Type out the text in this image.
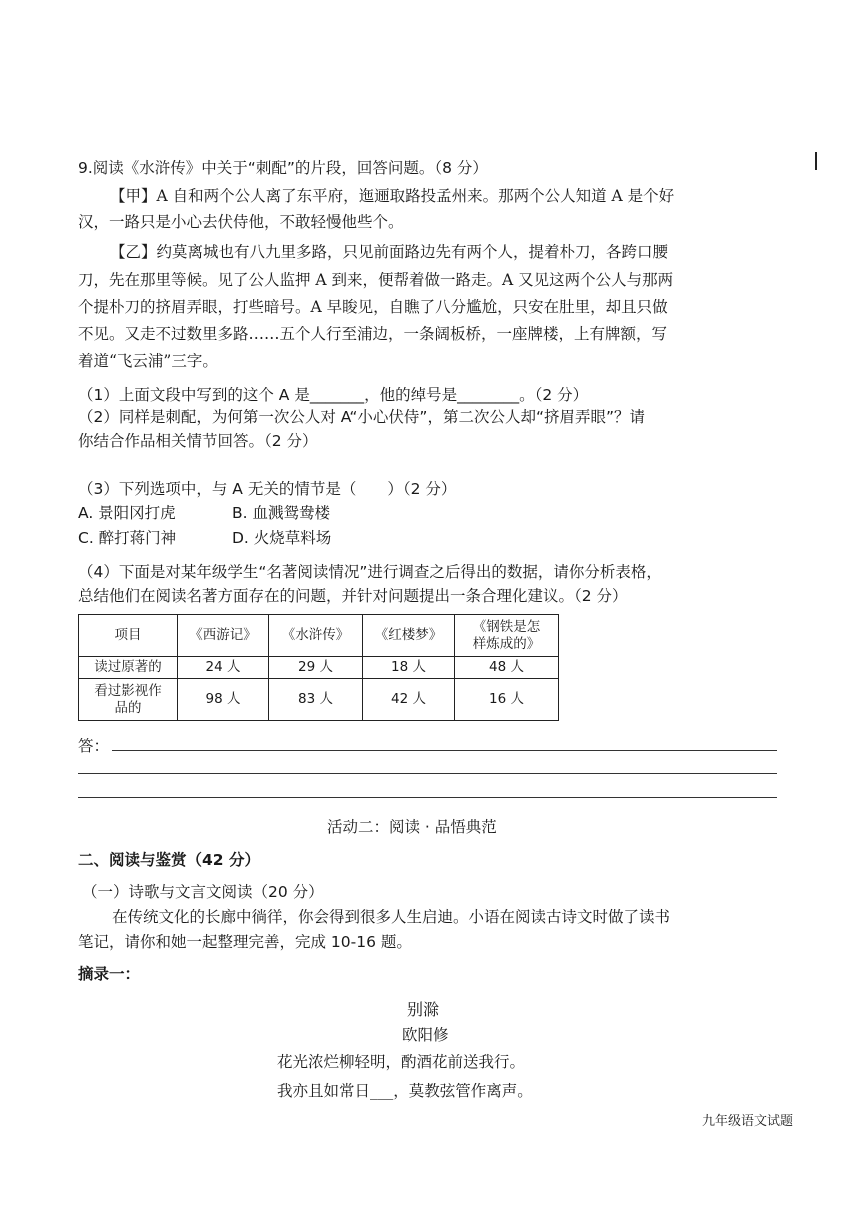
9.阅读《水浒传》中关于“刺配”的片段，回答问题。（8 分）
【甲】A 自和两个公人离了东平府，迤逦取路投孟州来。那两个公人知道 A 是个好
汉，一路只是小心去伏侍他，不敢轻慢他些个。
【乙】约莫离城也有八九里多路，只见前面路边先有两个人，提着朴刀，各跨口腰
刀，先在那里等候。见了公人监押 A 到来，便帮着做一路走。A 又见这两个公人与那两
个提朴刀的挤眉弄眼，打些暗号。A 早睃见，自瞧了八分尴尬，只安在肚里，却且只做
不见。又走不过数里多路……五个人行至浦边，一条阔板桥，一座牌楼，上有牌额，写
着道“飞云浦”三字。
（1）上面文段中写到的这个 A 是_______，他的绰号是________。（2 分）
（2）同样是刺配，为何第一次公人对 A“小心伏侍”，第二次公人却“挤眉弄眼”？请
你结合作品相关情节回答。（2 分）
（3）下列选项中，与 A 无关的情节是（　　）（2 分）
A. 景阳冈打虎	B. 血溅鸳鸯楼
C. 醉打蒋门神	D. 火烧草料场
（4）下面是对某年级学生“名著阅读情况”进行调查之后得出的数据，请你分析表格，
总结他们在阅读名著方面存在的问题，并针对问题提出一条合理化建议。（2 分）
项目	《西游记》	《水浒传》	《红楼梦》	《钢铁是怎
样炼成的》
读过原著的	24 人	29 人	18 人	48 人
看过影视作
品的	98 人	83 人	42 人	16 人
答：
活动二：阅读 · 品悟典范
二、阅读与鉴赏（42 分）
（一）诗歌与文言文阅读（20 分）
在传统文化的长廊中徜徉，你会得到很多人生启迪。小语在阅读古诗文时做了读书
笔记，请你和她一起整理完善，完成 10-16 题。
摘录一：
别滁
欧阳修
花光浓烂柳轻明，酌酒花前送我行。
我亦且如常日___，莫教弦管作离声。
九年级语文试题
